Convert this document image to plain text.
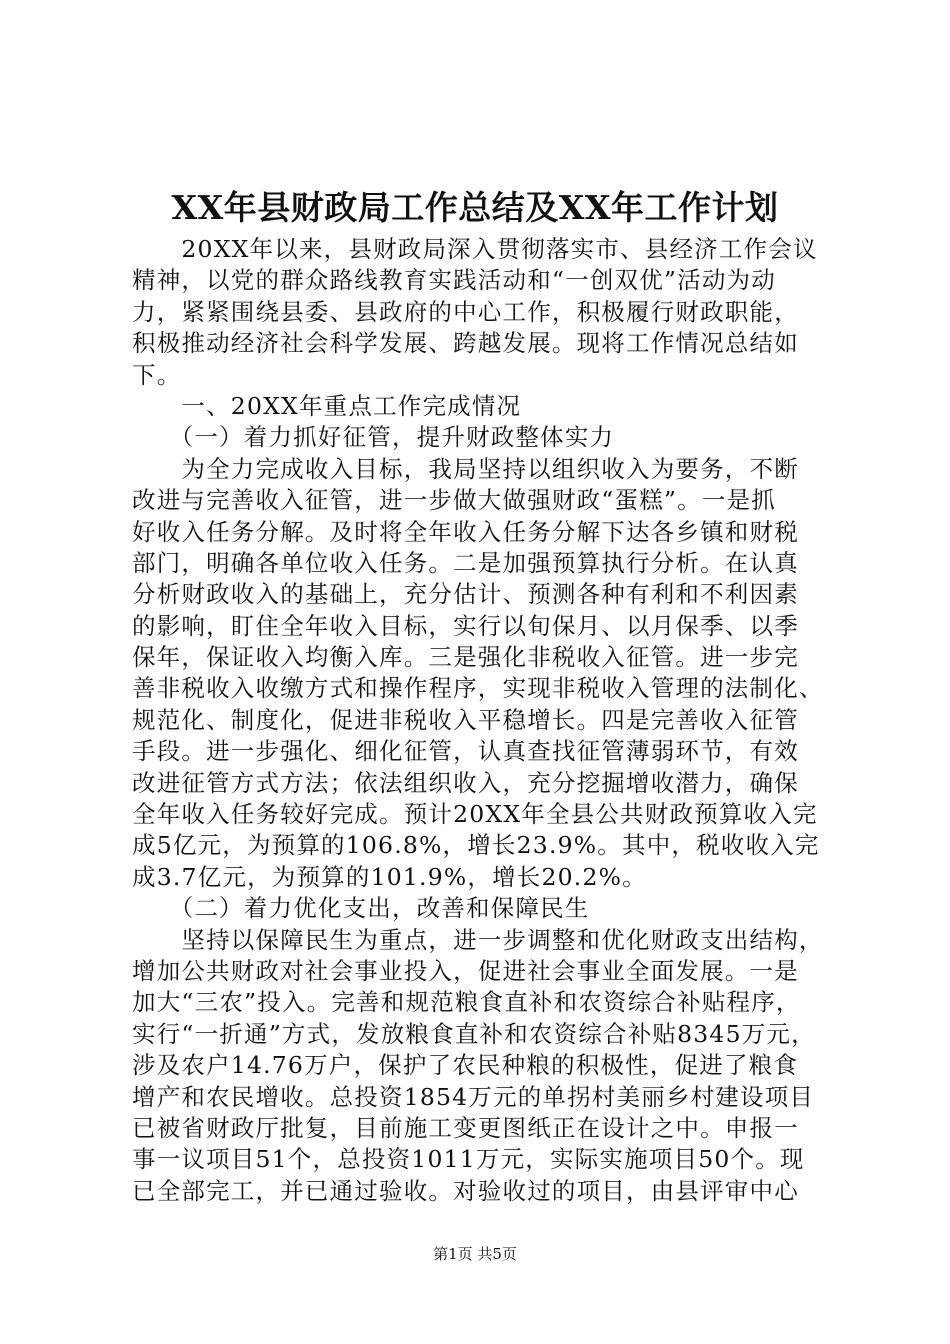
XX年县财政局工作总结及XX年工作计划
　　20XX年以来，县财政局深入贯彻落实市、县经济工作会议
精神，以党的群众路线教育实践活动和“一创双优”活动为动
力，紧紧围绕县委、县政府的中心工作，积极履行财政职能，
积极推动经济社会科学发展、跨越发展。现将工作情况总结如
下。
　　一、20XX年重点工作完成情况
　　（一）着力抓好征管，提升财政整体实力
　　为全力完成收入目标，我局坚持以组织收入为要务，不断
改进与完善收入征管，进一步做大做强财政“蛋糕”。一是抓
好收入任务分解。及时将全年收入任务分解下达各乡镇和财税
部门，明确各单位收入任务。二是加强预算执行分析。在认真
分析财政收入的基础上，充分估计、预测各种有利和不利因素
的影响，盯住全年收入目标，实行以旬保月、以月保季、以季
保年，保证收入均衡入库。三是强化非税收入征管。进一步完
善非税收入收缴方式和操作程序，实现非税收入管理的法制化、
规范化、制度化，促进非税收入平稳增长。四是完善收入征管
手段。进一步强化、细化征管，认真查找征管薄弱环节，有效
改进征管方式方法；依法组织收入，充分挖掘增收潜力，确保
全年收入任务较好完成。预计20XX年全县公共财政预算收入完
成5亿元，为预算的106.8%，增长23.9%。其中，税收收入完
成3.7亿元，为预算的101.9%，增长20.2%。
　　（二）着力优化支出，改善和保障民生
　　坚持以保障民生为重点，进一步调整和优化财政支出结构，
增加公共财政对社会事业投入，促进社会事业全面发展。一是
加大“三农”投入。完善和规范粮食直补和农资综合补贴程序，
实行“一折通”方式，发放粮食直补和农资综合补贴8345万元，
涉及农户14.76万户，保护了农民种粮的积极性，促进了粮食
增产和农民增收。总投资1854万元的单拐村美丽乡村建设项目
已被省财政厅批复，目前施工变更图纸正在设计之中。申报一
事一议项目51个，总投资1011万元，实际实施项目50个。现
已全部完工，并已通过验收。对验收过的项目，由县评审中心
第1页 共5页
